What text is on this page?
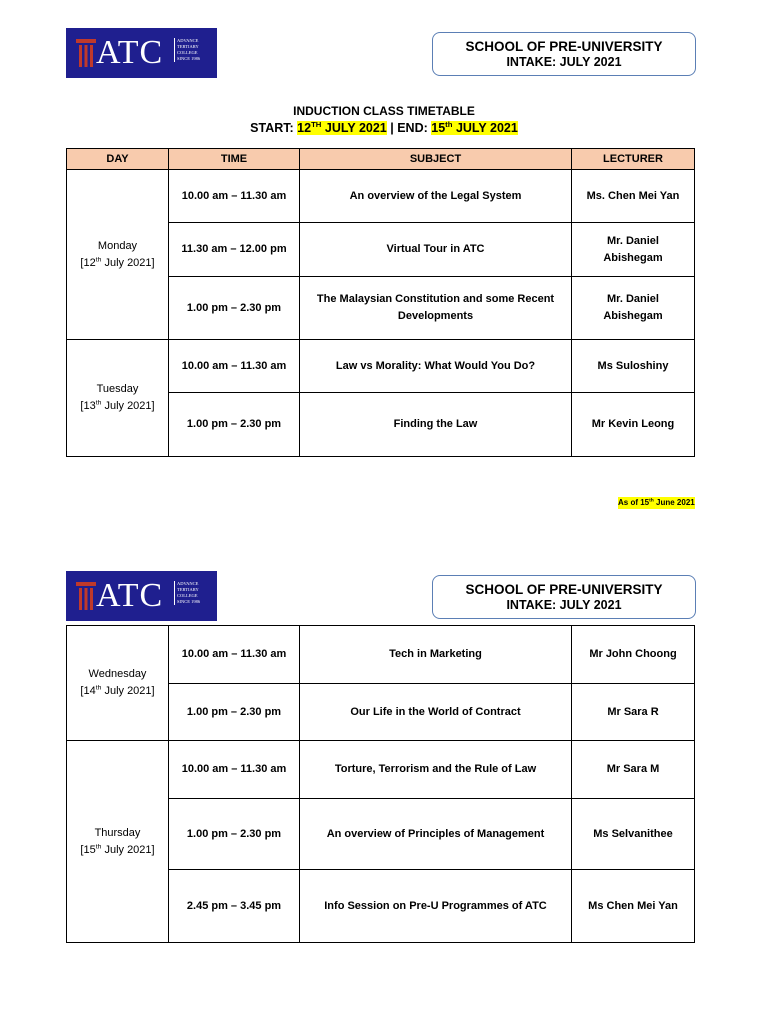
ATC	ADVANCE
TERTIARY
COLLEGE
SINCE 1986
SCHOOL OF PRE-UNIVERSITY
INTAKE: JULY 2021
INDUCTION CLASS TIMETABLE
START: 12TH JULY 2021 | END: 15th JULY 2021
DAY	TIME	SUBJECT	LECTURER

Monday
[12th July 2021]	10.00 am – 11.30 am	An overview of the Legal System	Ms. Chen Mei Yan
	11.30 am – 12.00 pm	Virtual Tour in ATC	Mr. Daniel Abishegam
	1.00 pm – 2.30 pm	The Malaysian Constitution and some Recent Developments	Mr. Daniel Abishegam

Tuesday
[13th July 2021]	10.00 am – 11.30 am	Law vs Morality: What Would You Do?	Ms Suloshiny
	1.00 pm – 2.30 pm	Finding the Law	Mr Kevin Leong
As of 15th June 2021
ATC	ADVANCE
TERTIARY
COLLEGE
SINCE 1986
SCHOOL OF PRE-UNIVERSITY
INTAKE: JULY 2021
Wednesday
[14th July 2021]	10.00 am – 11.30 am	Tech in Marketing	Mr John Choong
	1.00 pm – 2.30 pm	Our Life in the World of Contract	Mr Sara R

Thursday
[15th July 2021]	10.00 am – 11.30 am	Torture, Terrorism and the Rule of Law	Mr Sara M
	1.00 pm – 2.30 pm	An overview of Principles of Management	Ms Selvanithee
	2.45 pm – 3.45 pm	Info Session on Pre-U Programmes of ATC	Ms Chen Mei Yan
